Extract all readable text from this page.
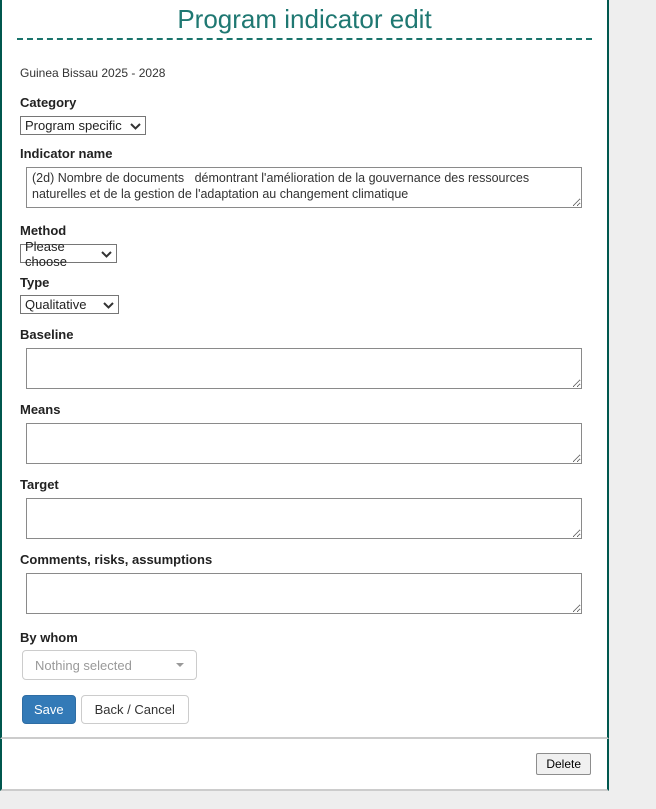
Program indicator edit

Guinea Bissau 2025 - 2028

Category
Program specific
Indicator name
(2d) Nombre de documents démontrant l'amélioration de la gouvernance des ressources naturelles et de la gestion de l'adaptation au changement climatique
Method
Please choose
Type
Qualitative
Baseline
Means
Target
Comments, risks, assumptions
By whom
Nothing selected
Save	Back / Cancel
Delete
